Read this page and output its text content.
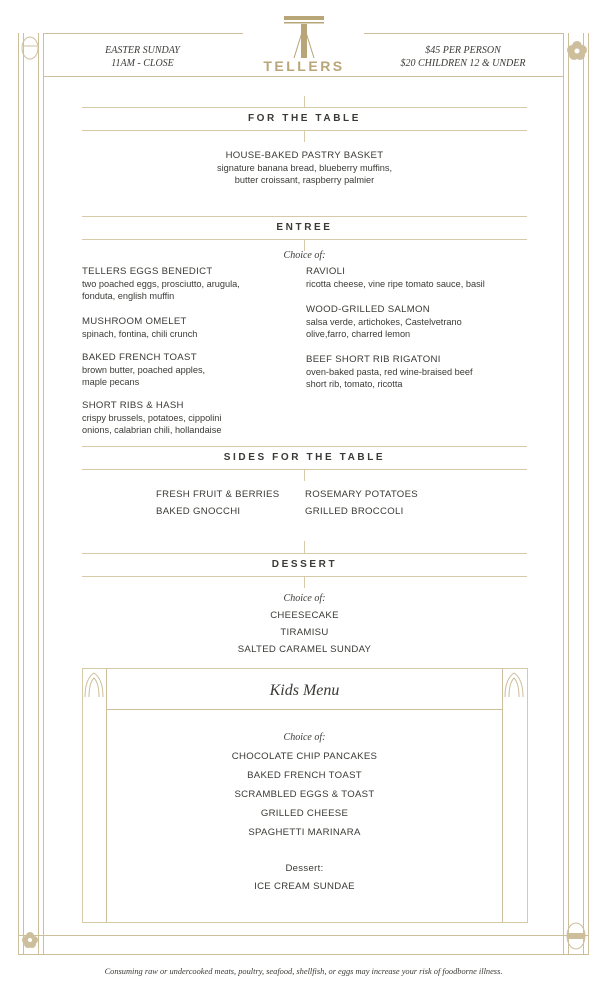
EASTER SUNDAY
11AM - CLOSE
$45 PER PERSON
$20 CHILDREN 12 & UNDER
TELLERS
FOR THE TABLE
HOUSE-BAKED PASTRY BASKET
signature banana bread, blueberry muffins,
butter croissant, raspberry palmier
ENTREE
Choice of:
TELLERS EGGS BENEDICT
two poached eggs, prosciutto, arugula,
fonduta, english muffin
MUSHROOM OMELET
spinach, fontina, chili crunch
BAKED FRENCH TOAST
brown butter, poached apples,
maple pecans
SHORT RIBS & HASH
crispy brussels, potatoes, cippolini
onions, calabrian chili, hollandaise
RAVIOLI
ricotta cheese, vine ripe tomato sauce, basil
WOOD-GRILLED SALMON
salsa verde, artichokes, Castelvetrano
olive,farro, charred lemon
BEEF SHORT RIB RIGATONI
oven-baked pasta, red wine-braised beef
short rib, tomato, ricotta
SIDES FOR THE TABLE
FRESH FRUIT & BERRIES	ROSEMARY POTATOES
BAKED GNOCCHI	GRILLED BROCCOLI
DESSERT
Choice of:
CHEESECAKE
TIRAMISU
SALTED CARAMEL SUNDAY
Kids Menu
Choice of:
CHOCOLATE CHIP PANCAKES
BAKED FRENCH TOAST
SCRAMBLED EGGS & TOAST
GRILLED CHEESE
SPAGHETTI MARINARA
Dessert:
ICE CREAM SUNDAE
Consuming raw or undercooked meats, poultry, seafood, shellfish, or eggs may increase your risk of foodborne illness.
